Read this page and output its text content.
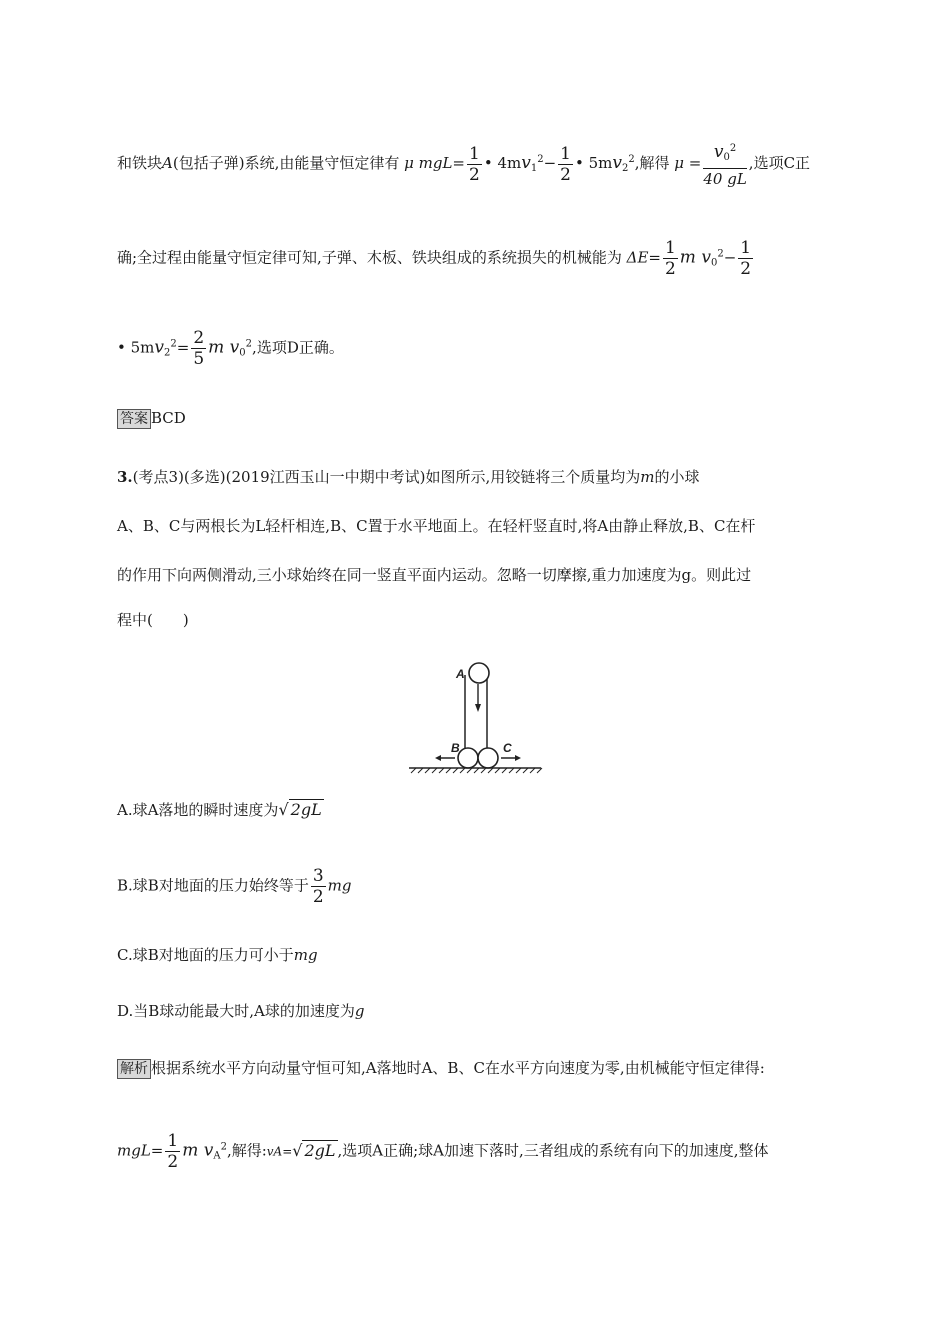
和铁块A(包括子弹)系统,由能量守恒定律有 μ $mgL= \frac{1}{2}$ • $4mv_1^2- \frac{1}{2}$ • $5mv_2^2$,解得 $\mu = \frac{v_0^2}{40 gL}$ ,选项C正
确;全过程由能量守恒定律可知,子弹、木板、铁块组成的系统损失的机械能为 $\Delta E= \frac{1}{2}$ m $v_0^2- \frac{1}{2}$
• $5mv_2^2= \frac{2}{5}$ m $v_0^2$,选项D正确。
答案 BCD
3.(考点3)(多选)(2019江西玉山一中期中考试)如图所示,用铰链将三个质量均为m的小球
A、B、C与两根长为L轻杆相连,B、C置于水平地面上。在轻杆竖直时,将A由静止释放,B、C在杆
的作用下向两侧滑动,三小球始终在同一竖直平面内运动。忽略一切摩擦,重力加速度为g。则此过
程中(　　)
A
B	C
A.球A落地的瞬时速度为√ 2gL
B.球B对地面的压力始终等于 $\frac{3}{2}$ mg
C.球B对地面的压力可小于mg
D.当B球动能最大时,A球的加速度为g
解析 根据系统水平方向动量守恒可知,A落地时A、B、C在水平方向速度为零,由机械能守恒定律得:
$mgL= \frac{1}{2}$ m $v_A^2$,解得:vA=√ 2gL ,选项A正确;球A加速下落时,三者组成的系统有向下的加速度,整体
